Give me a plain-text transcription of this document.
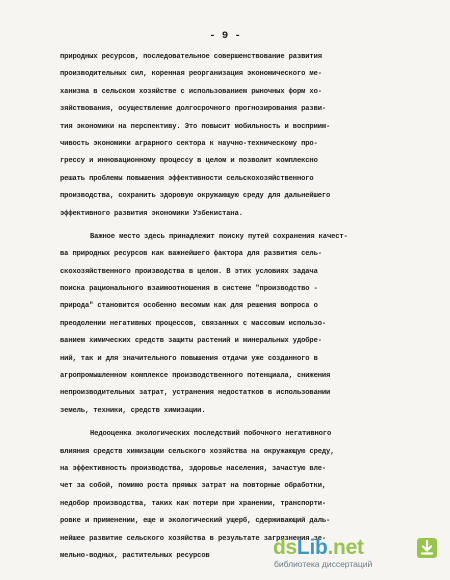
- 9 -
природных ресурсов, последовательное совершенствование развития
производительных сил, коренная реорганизация экономического ме-
ханизма в сельском хозяйстве с использованием рыночных форм хо-
зяйствования, осуществление долгосрочного прогнозирования разви-
тия экономики на перспективу. Это повысит мобильность и восприим-
чивость экономики аграрного сектора к научно-техническому про-
грессу и инновационному процессу в целом и позволит комплексно
решать проблемы повышения эффективности сельскохозяйственного
производства, сохранить здоровую окружающую среду для дальнейшего
эффективного развития экономики Узбекистана.
Важное место здесь принадлежит поиску путей сохранения качест-
ва природных ресурсов как важнейшего фактора для развития сель-
скохозяйственного производства в целом. В этих условиях задача
поиска рационального взаимоотношения в системе "производство -
природа" становится особенно весомым как для решения вопроса о
преодолении негативных процессов, связанных с массовым использо-
ванием химических средств защиты растений и минеральных удобре-
ний, так и для значительного повышения отдачи уже созданного в
агропромышленном комплексе производственного потенциала, снижения
непроизводительных затрат, устранения недостатков в использовании
земель, техники, средств химизации.
Недооценка экологических последствий побочного негативного
влияния средств химизации сельского хозяйства на окружающую среду,
на эффективность производства, здоровье населения, зачастую вле-
чет за собой, помимо роста прямых затрат на повторные обработки,
недобор производства, таких как потери при хранении, транспорти-
ровке и применении, еще и экологический ущерб, сдерживающий даль-
нейшее развитие сельского хозяйства в результате загрязнения зе-
мельно-водных, растительных ресурсов	dsLib.net
библиотека диссертаций
